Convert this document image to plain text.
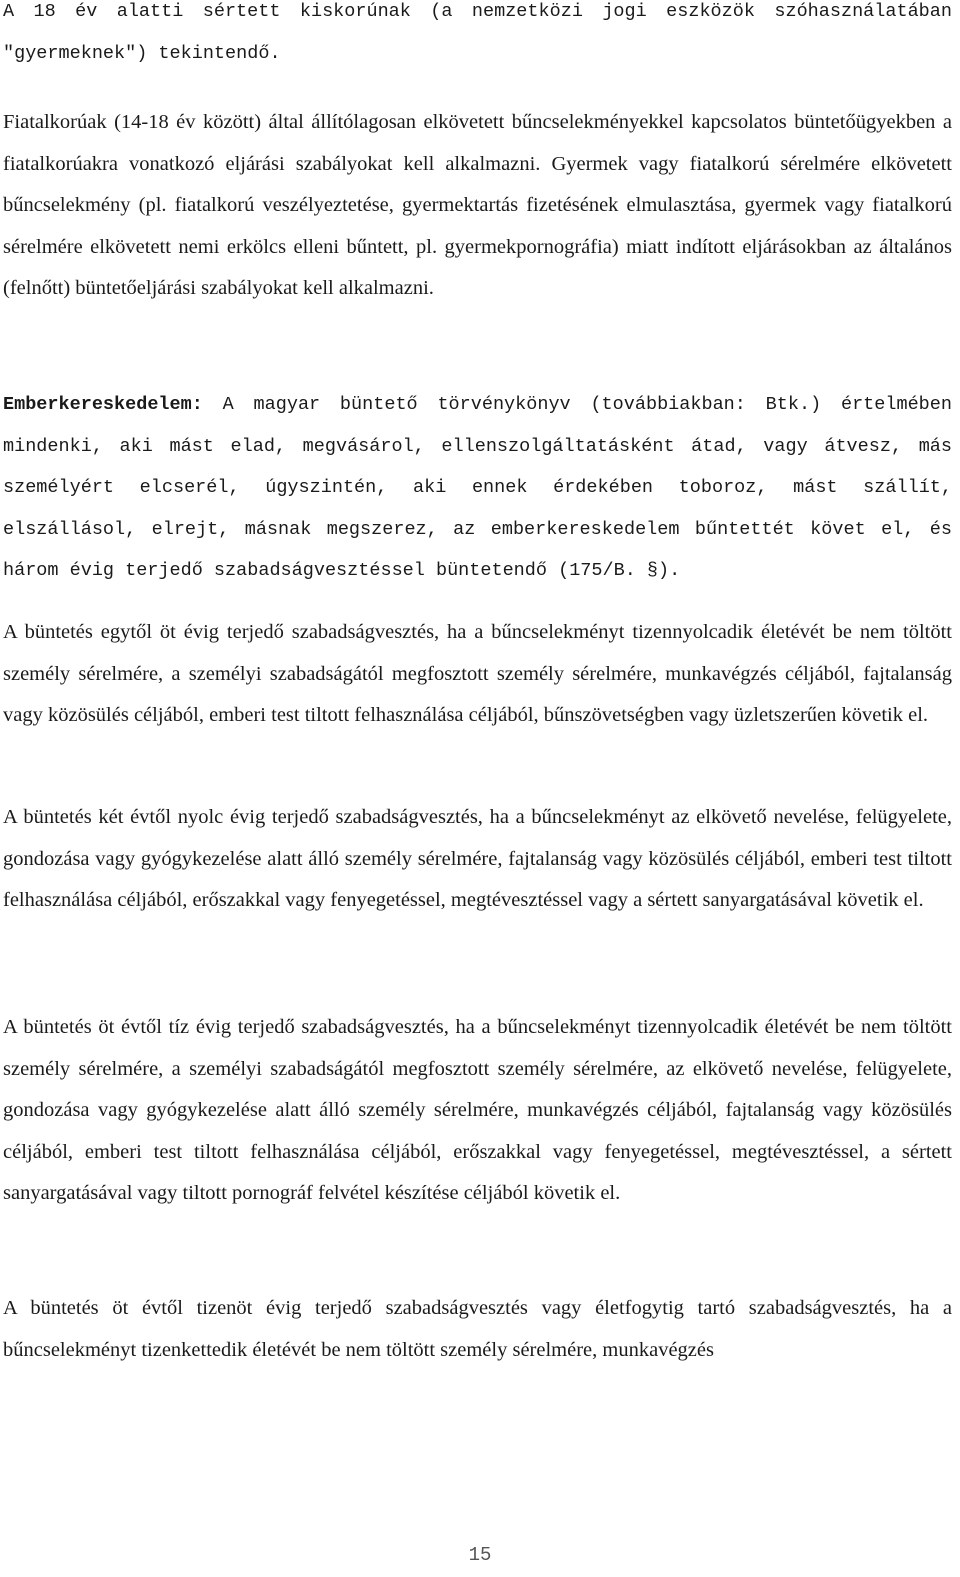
A 18 év alatti sértett kiskorúnak (a nemzetközi jogi eszközök szóhasználatában "gyermeknek") tekintendő.

Fiatalkorúak (14-18 év között) által állítólagosan elkövetett bűncselekményekkel kapcsolatos büntetőügyekben a fiatalkorúakra vonatkozó eljárási szabályokat kell alkalmazni. Gyermek vagy fiatalkorú sérelmére elkövetett bűncselekmény (pl. fiatalkorú veszélyeztetése, gyermektartás fizetésének elmulasztása, gyermek vagy fiatalkorú sérelmére elkövetett nemi erkölcs elleni bűntett, pl. gyermekpornográfia) miatt indított eljárásokban az általános (felnőtt) büntetőeljárási szabályokat kell alkalmazni.

Emberkereskedelem: A magyar büntető törvénykönyv (továbbiakban: Btk.) értelmében mindenki, aki mást elad, megvásárol, ellenszolgáltatásként átad, vagy átvesz, más személyért elcserél, úgyszintén, aki ennek érdekében toboroz, mást szállít, elszállásol, elrejt, másnak megszerez, az emberkereskedelem bűntettét követ el, és három évig terjedő szabadságvesztéssel büntetendő (175/B. §).

A büntetés egytől öt évig terjedő szabadságvesztés, ha a bűncselekményt tizennyolcadik életévét be nem töltött személy sérelmére, a személyi szabadságától megfosztott személy sérelmére, munkavégzés céljából, fajtalanság vagy közösülés céljából, emberi test tiltott felhasználása céljából, bűnszövetségben vagy üzletszerűen követik el.

A büntetés két évtől nyolc évig terjedő szabadságvesztés, ha a bűncselekményt az elkövető nevelése, felügyelete, gondozása vagy gyógykezelése alatt álló személy sérelmére, fajtalanság vagy közösülés céljából, emberi test tiltott felhasználása céljából, erőszakkal vagy fenyegetéssel, megtévesztéssel vagy a sértett sanyargatásával követik el.

A büntetés öt évtől tíz évig terjedő szabadságvesztés, ha a bűncselekményt tizennyolcadik életévét be nem töltött személy sérelmére, a személyi szabadságától megfosztott személy sérelmére, az elkövető nevelése, felügyelete, gondozása vagy gyógykezelése alatt álló személy sérelmére, munkavégzés céljából, fajtalanság vagy közösülés céljából, emberi test tiltott felhasználása céljából, erőszakkal vagy fenyegetéssel, megtévesztéssel, a sértett sanyargatásával vagy tiltott pornográf felvétel készítése céljából követik el.

A büntetés öt évtől tizenöt évig terjedő szabadságvesztés vagy életfogytig tartó szabadságvesztés, ha a bűncselekményt tizenkettedik életévét be nem töltött személy sérelmére, munkavégzés

15
